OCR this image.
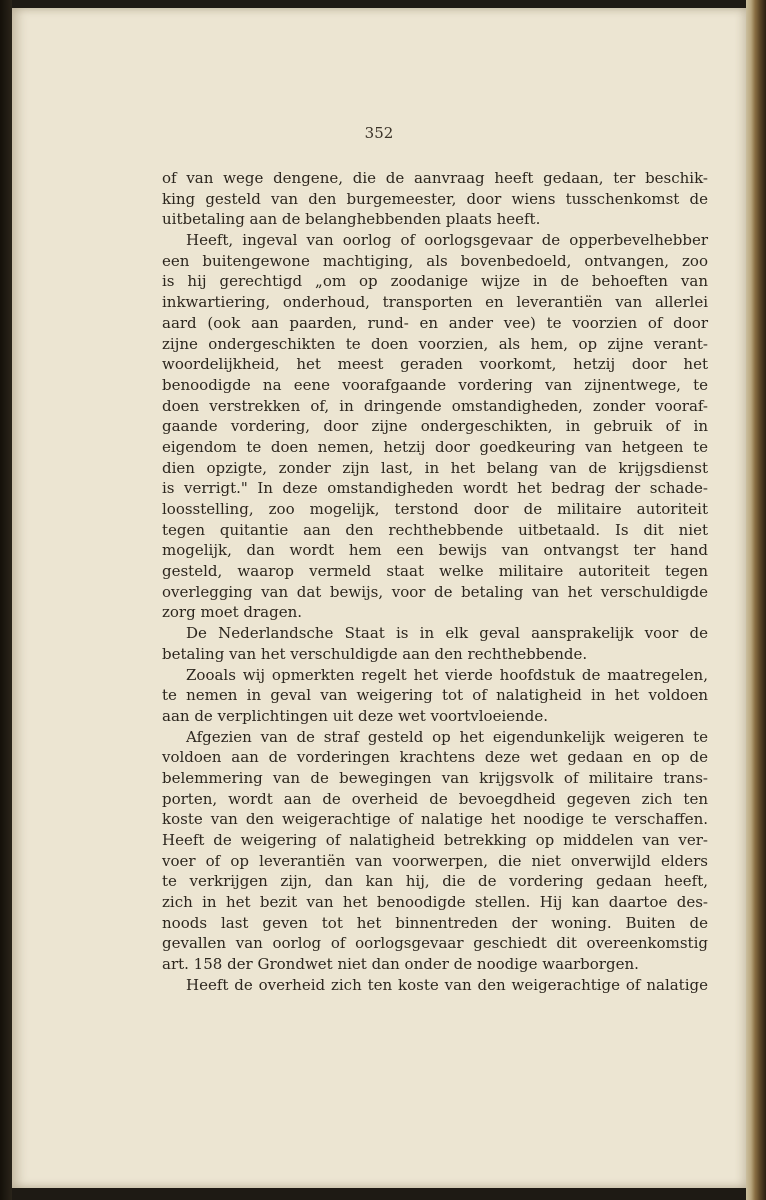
352

of van wege dengene, die de aanvraag heeft gedaan, ter beschik-
king gesteld van den burgemeester, door wiens tusschenkomst de
uitbetaling aan de belanghebbenden plaats heeft.
Heeft, ingeval van oorlog of oorlogsgevaar de opperbevelhebber
een buitengewone machtiging, als bovenbedoeld, ontvangen, zoo
is hij gerechtigd „om op zoodanige wijze in de behoeften van
inkwartiering, onderhoud, transporten en leverantiën van allerlei
aard (ook aan paarden, rund- en ander vee) te voorzien of door
zijne ondergeschikten te doen voorzien, als hem, op zijne verant-
woordelijkheid, het meest geraden voorkomt, hetzij door het
benoodigde na eene voorafgaande vordering van zijnentwege, te
doen verstrekken of, in dringende omstandigheden, zonder vooraf-
gaande vordering, door zijne ondergeschikten, in gebruik of in
eigendom te doen nemen, hetzij door goedkeuring van hetgeen te
dien opzigte, zonder zijn last, in het belang van de krijgsdienst
is verrigt." In deze omstandigheden wordt het bedrag der schade-
loosstelling, zoo mogelijk, terstond door de militaire autoriteit
tegen quitantie aan den rechthebbende uitbetaald. Is dit niet
mogelijk, dan wordt hem een bewijs van ontvangst ter hand
gesteld, waarop vermeld staat welke militaire autoriteit tegen
overlegging van dat bewijs, voor de betaling van het verschuldigde
zorg moet dragen.
De Nederlandsche Staat is in elk geval aansprakelijk voor de
betaling van het verschuldigde aan den rechthebbende.
Zooals wij opmerkten regelt het vierde hoofdstuk de maatregelen,
te nemen in geval van weigering tot of nalatigheid in het voldoen
aan de verplichtingen uit deze wet voortvloeiende.
Afgezien van de straf gesteld op het eigendunkelijk weigeren te
voldoen aan de vorderingen krachtens deze wet gedaan en op de
belemmering van de bewegingen van krijgsvolk of militaire trans-
porten, wordt aan de overheid de bevoegdheid gegeven zich ten
koste van den weigerachtige of nalatige het noodige te verschaffen.
Heeft de weigering of nalatigheid betrekking op middelen van ver-
voer of op leverantiën van voorwerpen, die niet onverwijld elders
te verkrijgen zijn, dan kan hij, die de vordering gedaan heeft,
zich in het bezit van het benoodigde stellen. Hij kan daartoe des-
noods last geven tot het binnentreden der woning. Buiten de
gevallen van oorlog of oorlogsgevaar geschiedt dit overeenkomstig
art. 158 der Grondwet niet dan onder de noodige waarborgen.
Heeft de overheid zich ten koste van den weigerachtige of nalatige
